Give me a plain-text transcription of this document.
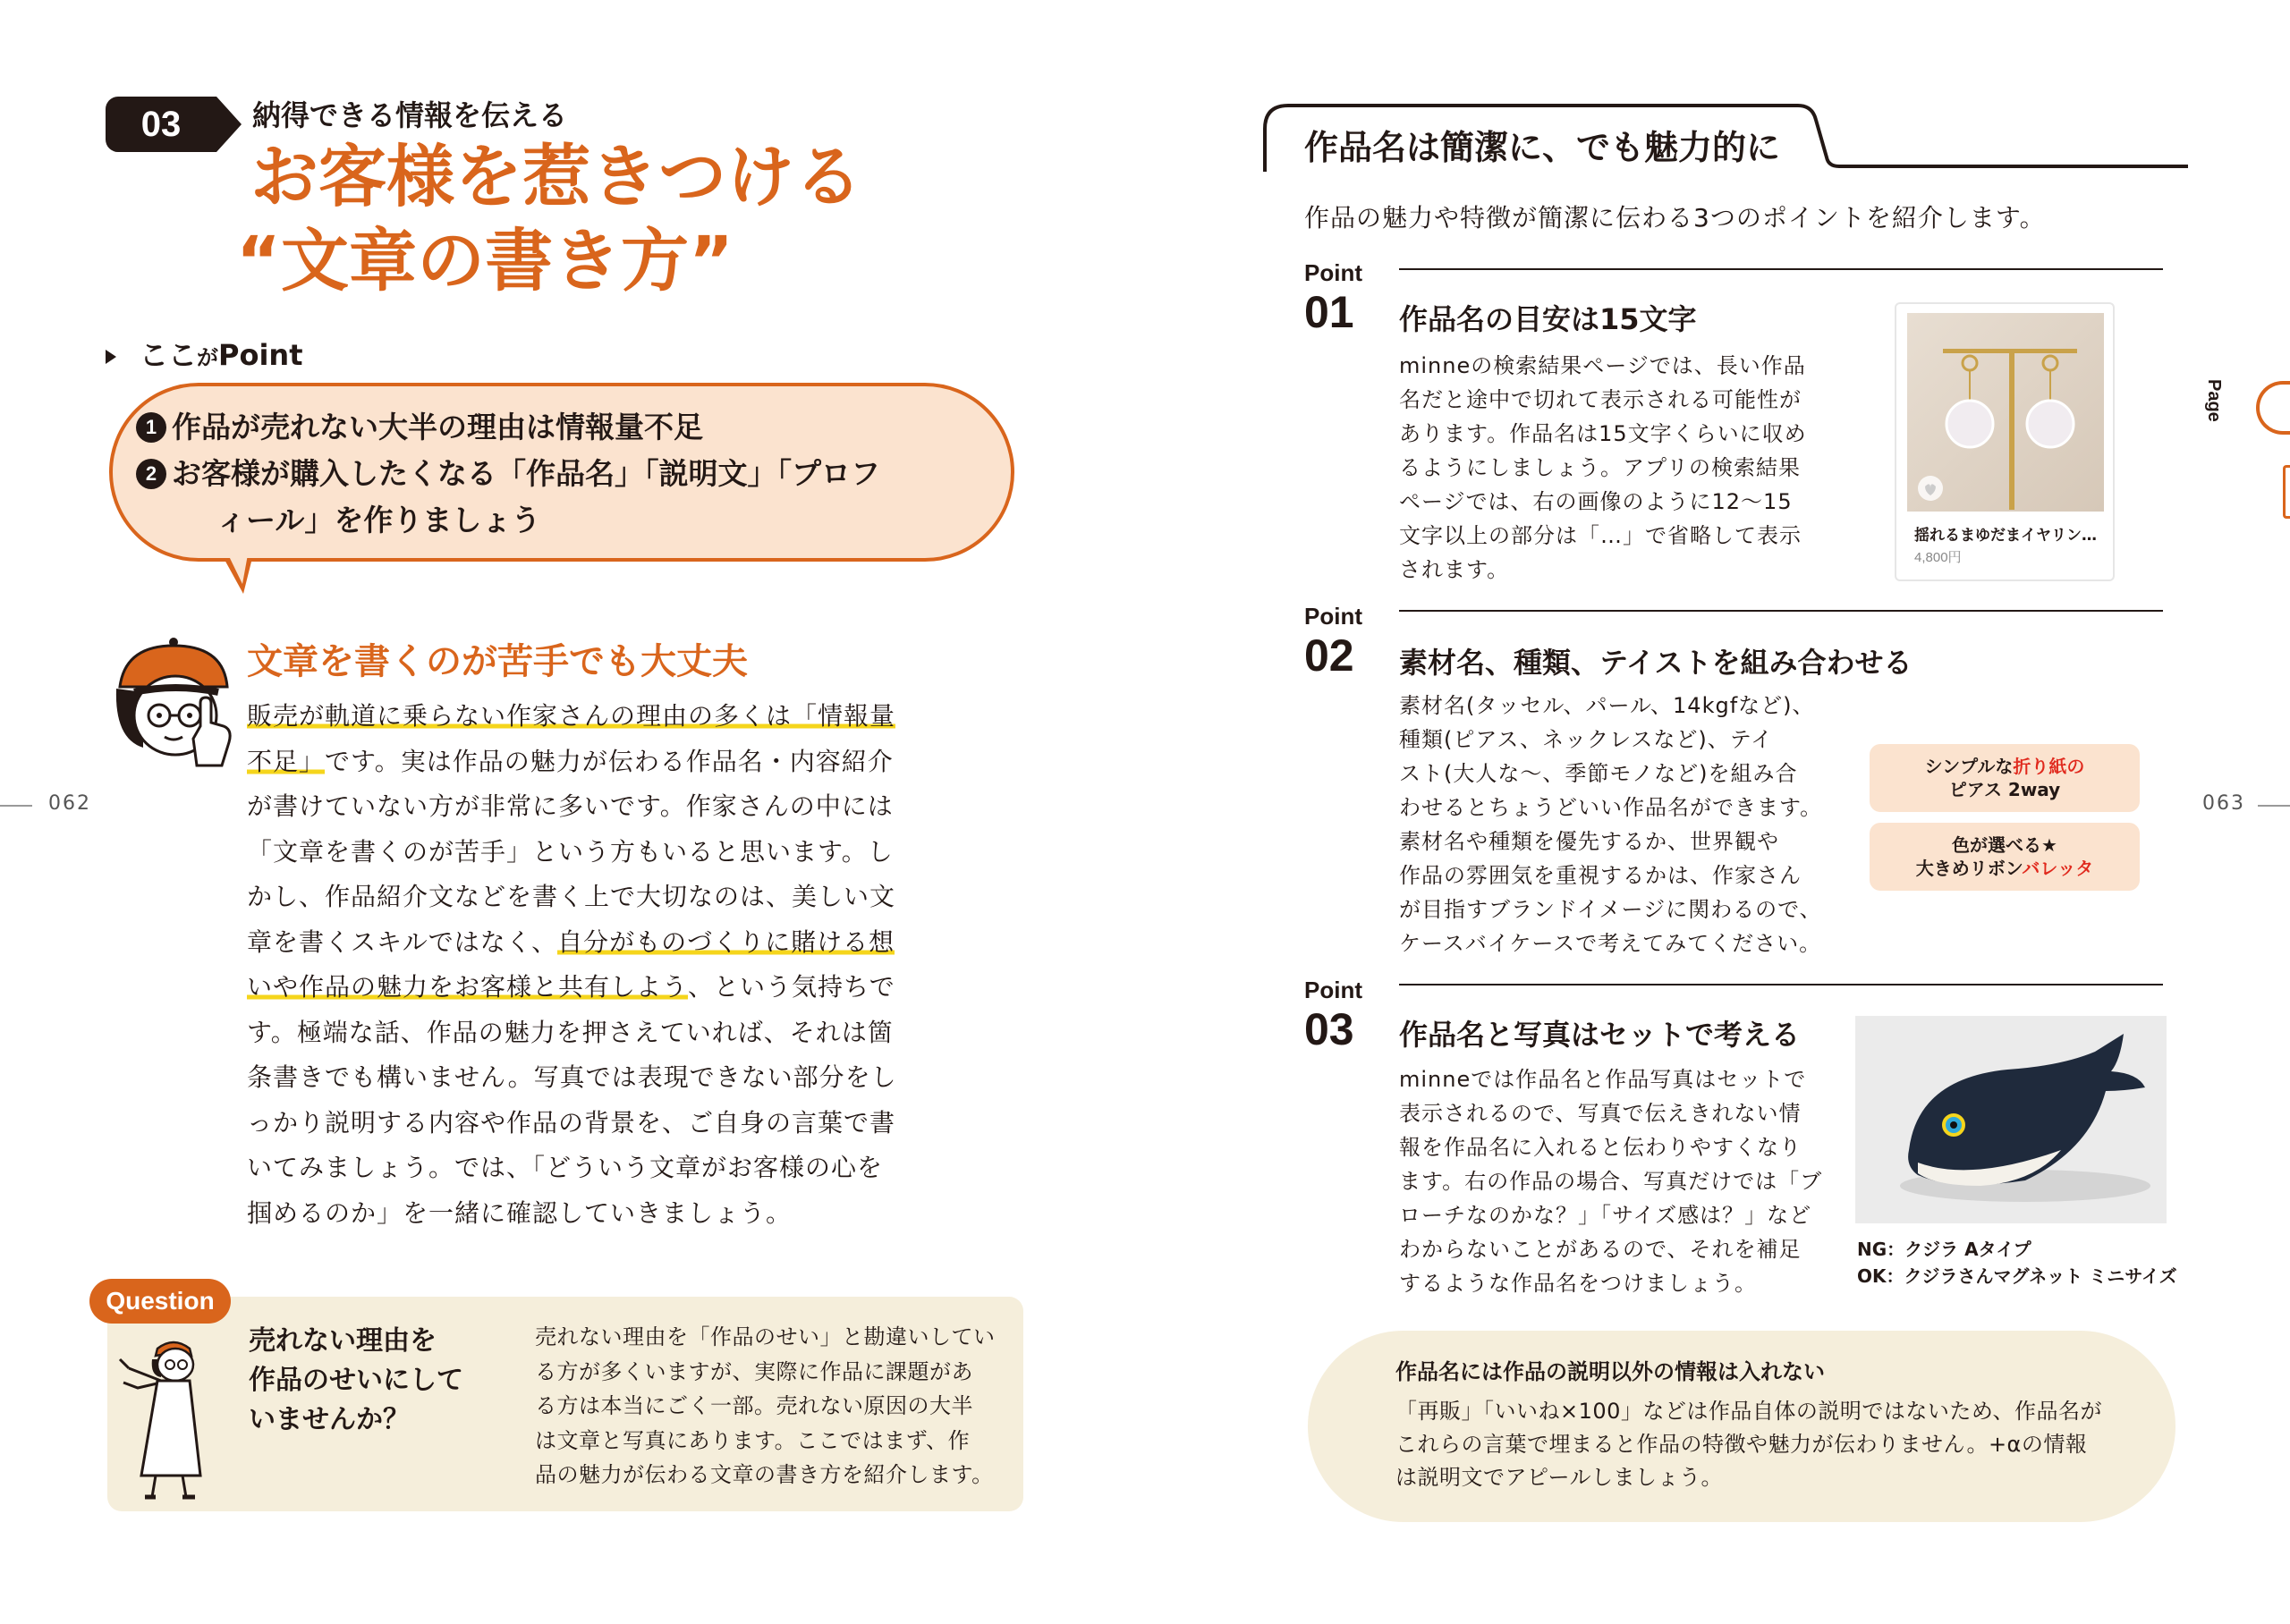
03 納得できる情報を伝える
お客様を惹きつける
“文章の書き方”
ここがPoint
1 作品が売れない大半の理由は情報量不足
2 お客様が購入したくなる「作品名」「説明文」「プロフ
ィール」を作りましょう
文章を書くのが苦手でも大丈夫
販売が軌道に乗らない作家さんの理由の多くは「情報量
不足」です。実は作品の魅力が伝わる作品名・内容紹介
が書けていない方が非常に多いです。作家さんの中には
「文章を書くのが苦手」という方もいると思います。し
かし、作品紹介文などを書く上で大切なのは、美しい文
章を書くスキルではなく、自分がものづくりに賭ける想
いや作品の魅力をお客様と共有しよう、という気持ちで
す。極端な話、作品の魅力を押さえていれば、それは箇
条書きでも構いません。写真では表現できない部分をし
っかり説明する内容や作品の背景を、ご自身の言葉で書
いてみましょう。では、「どういう文章がお客様の心を
掴めるのか」を一緒に確認していきましょう。
062
Question
売れない理由を
作品のせいにして
いませんか？
売れない理由を「作品のせい」と勘違いしてい
る方が多くいますが、実際に作品に課題があ
る方は本当にごく一部。売れない原因の大半
は文章と写真にあります。ここではまず、作
品の魅力が伝わる文章の書き方を紹介します。
作品名は簡潔に、でも魅力的に
作品の魅力や特徴が簡潔に伝わる3つのポイントを紹介します。
Point
01 作品名の目安は15文字
minneの検索結果ページでは、長い作品
名だと途中で切れて表示される可能性が
あります。作品名は15文字くらいに収め
るようにしましょう。アプリの検索結果
ページでは、右の画像のように12〜15
文字以上の部分は「…」で省略して表示
されます。
揺れるまゆだまイヤリン…
4,800円
Point
02 素材名、種類、テイストを組み合わせる
素材名(タッセル、パール、14kgfなど)、
種類(ピアス、ネックレスなど)、テイ
スト(大人な〜、季節モノなど)を組み合
わせるとちょうどいい作品名ができます。
素材名や種類を優先するか、世界観や
作品の雰囲気を重視するかは、作家さん
が目指すブランドイメージに関わるので、
ケースバイケースで考えてみてください。
シンプルな折り紙の
ピアス 2way
色が選べる★
大きめリボンバレッタ
Point
03 作品名と写真はセットで考える
minneでは作品名と作品写真はセットで
表示されるので、写真で伝えきれない情
報を作品名に入れると伝わりやすくなり
ます。右の作品の場合、写真だけでは「ブ
ローチなのかな？」「サイズ感は？」など
わからないことがあるので、それを補足
するような作品名をつけましょう。
NG：クジラ Aタイプ
OK：クジラさんマグネット ミニサイズ
作品名には作品の説明以外の情報は入れない
「再販」「いいね×100」などは作品自体の説明ではないため、作品名が
これらの言葉で埋まると作品の特徴や魅力が伝わりません。+αの情報
は説明文でアピールしましょう。
063
Page
